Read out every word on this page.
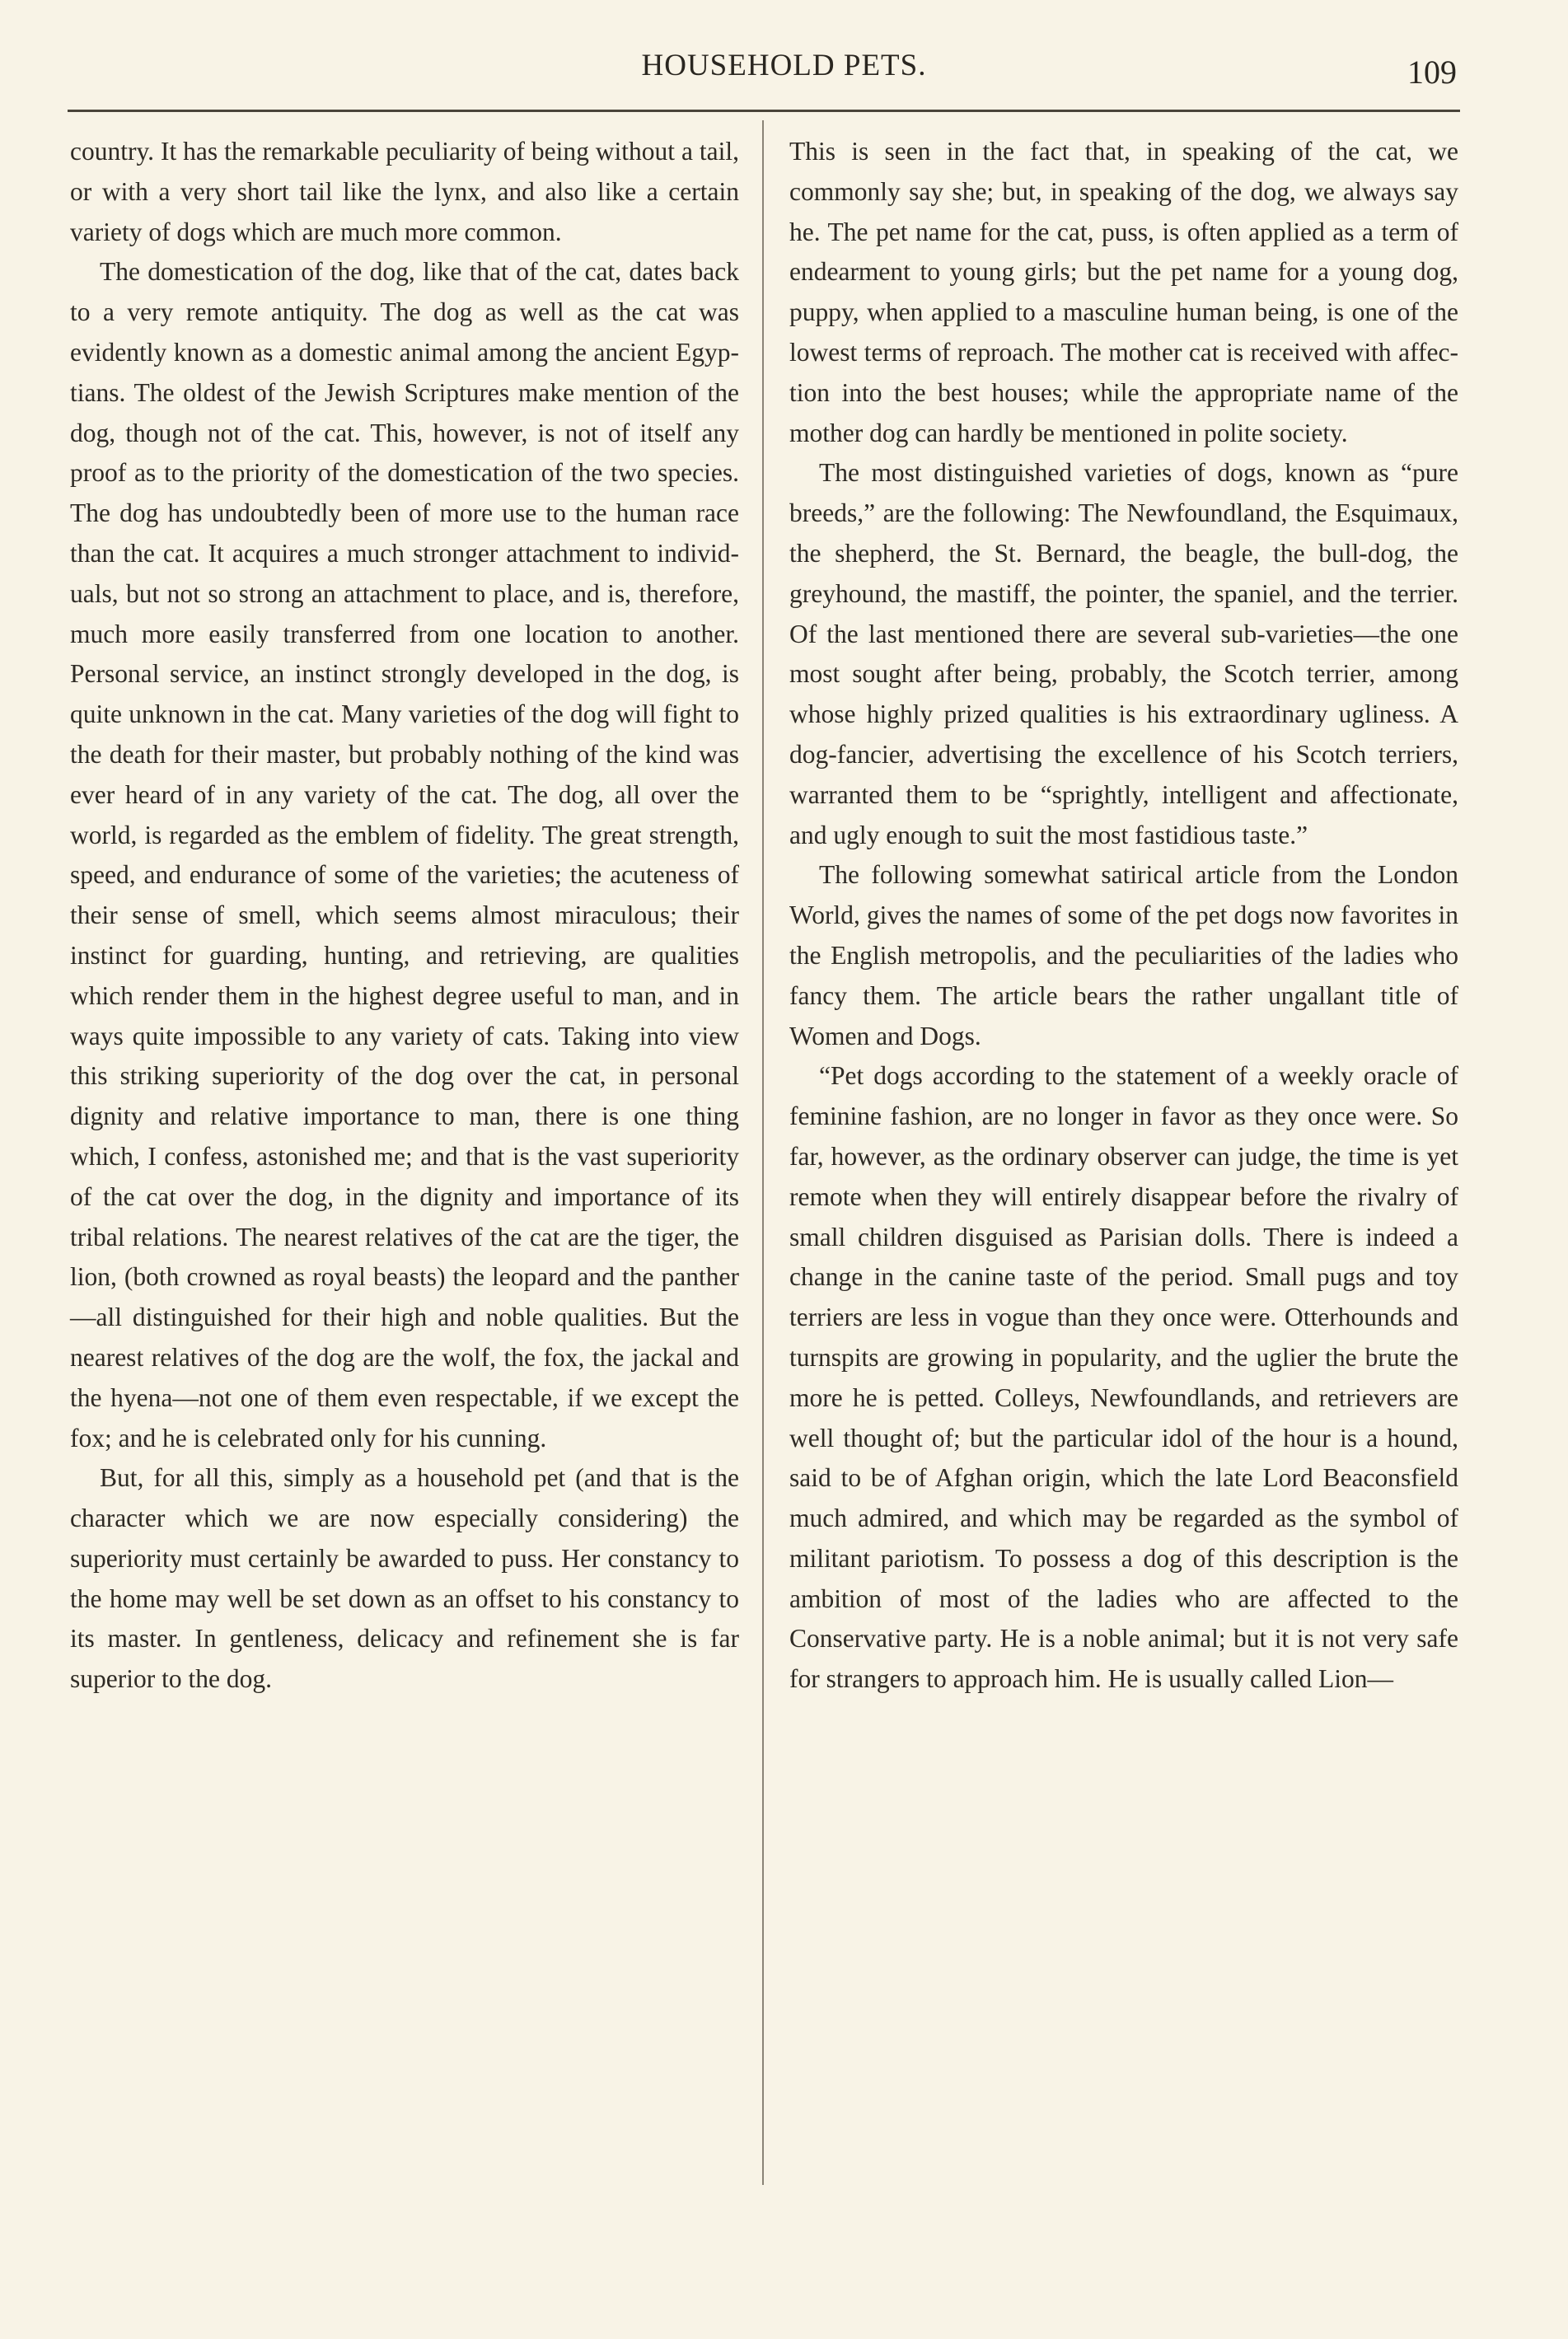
HOUSEHOLD PETS.	109

country. It has the remarkable peculiarity of being without a tail, or with a very short tail like the lynx, and also like a certain variety of dogs which are much more common.

The domestication of the dog, like that of the cat, dates back to a very remote antiquity. The dog as well as the cat was evidently known as a domestic animal among the ancient Egyptians. The oldest of the Jewish Scriptures make mention of the dog, though not of the cat. This, however, is not of itself any proof as to the priority of the domestication of the two species. The dog has undoubtedly been of more use to the human race than the cat. It acquires a much stronger attachment to individuals, but not so strong an attachment to place, and is, therefore, much more easily transferred from one location to another. Personal service, an instinct strongly developed in the dog, is quite unknown in the cat. Many varieties of the dog will fight to the death for their master, but probably nothing of the kind was ever heard of in any variety of the cat. The dog, all over the world, is regarded as the emblem of fidelity. The great strength, speed, and endurance of some of the varieties; the acuteness of their sense of smell, which seems almost miraculous; their instinct for guarding, hunting, and retrieving, are qualities which render them in the highest degree useful to man, and in ways quite impossible to any variety of cats. Taking into view this striking superiority of the dog over the cat, in personal dignity and relative importance to man, there is one thing which, I confess, astonished me; and that is the vast superiority of the cat over the dog, in the dignity and importance of its tribal relations. The nearest relatives of the cat are the tiger, the lion, (both crowned as royal beasts) the leopard and the panther—all distinguished for their high and noble qualities. But the nearest relatives of the dog are the wolf, the fox, the jackal and the hyena—not one of them even respectable, if we except the fox; and he is celebrated only for his cunning.

But, for all this, simply as a household pet (and that is the character which we are now especially considering) the superiority must certainly be awarded to puss. Her constancy to the home may well be set down as an offset to his constancy to its master. In gentleness, delicacy and refinement she is far superior to the dog.

This is seen in the fact that, in speaking of the cat, we commonly say she; but, in speaking of the dog, we always say he. The pet name for the cat, puss, is often applied as a term of endearment to young girls; but the pet name for a young dog, puppy, when applied to a masculine human being, is one of the lowest terms of reproach. The mother cat is received with affection into the best houses; while the appropriate name of the mother dog can hardly be mentioned in polite society.

The most distinguished varieties of dogs, known as “pure breeds,” are the following: The Newfoundland, the Esquimaux, the shepherd, the St. Bernard, the beagle, the bull-dog, the greyhound, the mastiff, the pointer, the spaniel, and the terrier. Of the last mentioned there are several sub-varieties—the one most sought after being, probably, the Scotch terrier, among whose highly prized qualities is his extraordinary ugliness. A dog-fancier, advertising the excellence of his Scotch terriers, warranted them to be “sprightly, intelligent and affectionate, and ugly enough to suit the most fastidious taste.”

The following somewhat satirical article from the London World, gives the names of some of the pet dogs now favorites in the English metropolis, and the peculiarities of the ladies who fancy them. The article bears the rather ungallant title of Women and Dogs.

“Pet dogs according to the statement of a weekly oracle of feminine fashion, are no longer in favor as they once were. So far, however, as the ordinary observer can judge, the time is yet remote when they will entirely disappear before the rivalry of small children disguised as Parisian dolls. There is indeed a change in the canine taste of the period. Small pugs and toy terriers are less in vogue than they once were. Otterhounds and turnspits are growing in popularity, and the uglier the brute the more he is petted. Colleys, Newfoundlands, and retrievers are well thought of; but the particular idol of the hour is a hound, said to be of Afghan origin, which the late Lord Beaconsfield much admired, and which may be regarded as the symbol of militant pariotism. To possess a dog of this description is the ambition of most of the ladies who are affected to the Conservative party. He is a noble animal; but it is not very safe for strangers to approach him. He is usually called Lion—
